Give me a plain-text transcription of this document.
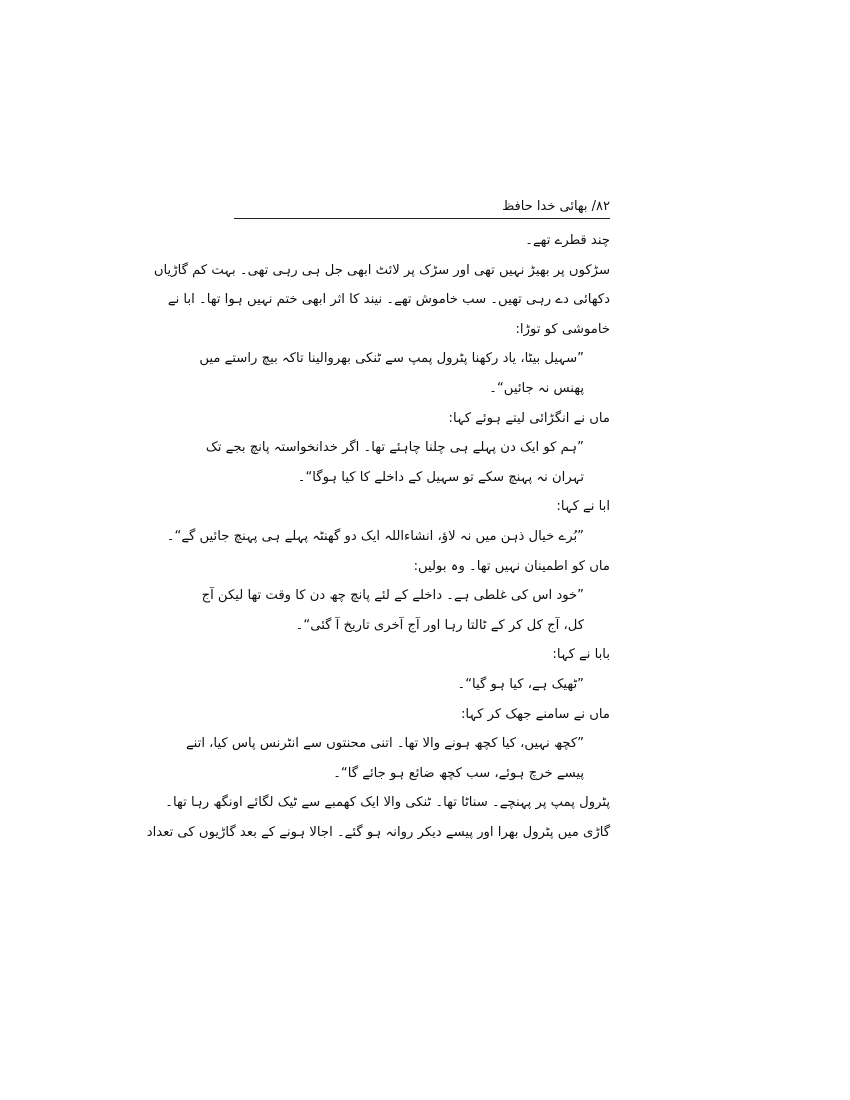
۸۲/ بھائی خدا حافظ
چند قطرے تھے۔
سڑکوں پر بھیڑ نہیں تھی اور سڑک پر لائٹ ابھی جل ہی رہی تھی۔ بہت کم گاڑیاں
دکھائی دے رہی تھیں۔ سب خاموش تھے۔ نیند کا اثر ابھی ختم نہیں ہوا تھا۔ ابا نے
خاموشی کو توڑا:
”سہیل بیٹا، یاد رکھنا پٹرول پمپ سے ٹنکی بھروالینا تاکہ بیچ راستے میں
پھنس نہ جائیں“۔
ماں نے انگڑائی لیتے ہوئے کہا:
”ہم کو ایک دن پہلے ہی چلنا چاہئے تھا۔ اگر خدانخواستہ پانچ بجے تک
تہران نہ پہنچ سکے تو سہیل کے داخلے کا کیا ہوگا“۔
ابا نے کہا:
”بُرے خیال ذہن میں نہ لاؤ، انشاءاللہ ایک دو گھنٹہ پہلے ہی پہنچ جائیں گے“۔
ماں کو اطمینان نہیں تھا۔ وہ بولیں:
”خود اس کی غلطی ہے۔ داخلے کے لئے پانچ چھ دن کا وقت تھا لیکن آج
کل، آج کل کر کے ٹالتا رہا اور آج آخری تاریخ آ گئی“۔
بابا نے کہا:
”ٹھیک ہے، کیا ہو گیا“۔
ماں نے سامنے جھک کر کہا:
”کچھ نہیں، کیا کچھ ہونے والا تھا۔ اتنی محنتوں سے انٹرنس پاس کیا، اتنے
پیسے خرچ ہوئے، سب کچھ ضائع ہو جائے گا“۔
پٹرول پمپ پر پہنچے۔ سناٹا تھا۔ ٹنکی والا ایک کھمبے سے ٹیک لگائے اونگھ رہا تھا۔
گاڑی میں پٹرول بھرا اور پیسے دیکر روانہ ہو گئے۔ اجالا ہونے کے بعد گاڑیوں کی تعداد
